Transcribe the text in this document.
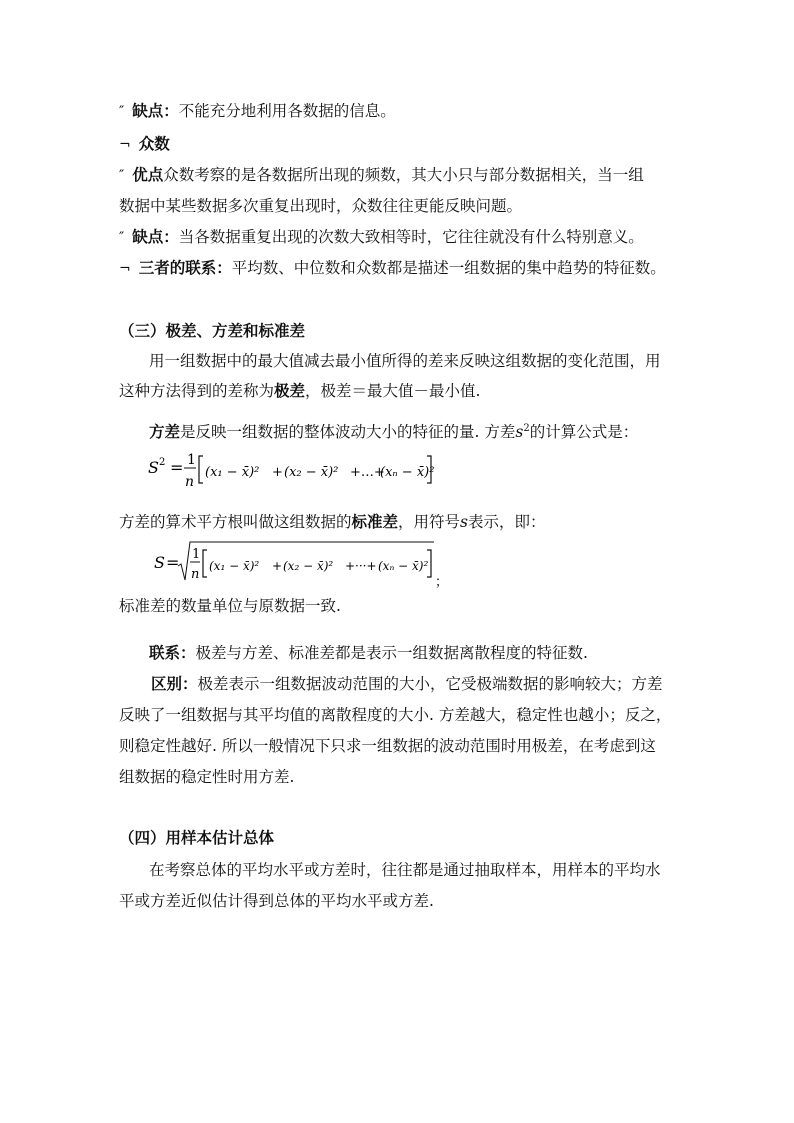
″ 缺点：不能充分地利用各数据的信息。
¬ 众数
″ 优点众数考察的是各数据所出现的频数，其大小只与部分数据相关，当一组
数据中某些数据多次重复出现时，众数往往更能反映问题。
″ 缺点：当各数据重复出现的次数大致相等时，它往往就没有什么特别意义。
¬ 三者的联系：平均数、中位数和众数都是描述一组数据的集中趋势的特征数。
（三）极差、方差和标准差
用一组数据中的最大值减去最小值所得的差来反映这组数据的变化范围，用
这种方法得到的差称为极差，极差＝最大值－最小值.
方差是反映一组数据的整体波动大小的特征的量. 方差$s^2$的计算公式是：
S 2 = 1
n
(x₁ − x̄)² + (x₂ − x̄)² +…+
(xₙ − x̄)²
方差的算术平方根叫做这组数据的标准差，用符号s表示，即：
S = 1
n
(x₁ − x̄)² + (x₂ − x̄)² +···+ (xₙ − x̄)²
；
标准差的数量单位与原数据一致.
联系：极差与方差、标准差都是表示一组数据离散程度的特征数.
区别：极差表示一组数据波动范围的大小，它受极端数据的影响较大；方差
反映了一组数据与其平均值的离散程度的大小. 方差越大，稳定性也越小；反之，
则稳定性越好. 所以一般情况下只求一组数据的波动范围时用极差，在考虑到这
组数据的稳定性时用方差.
（四）用样本估计总体
在考察总体的平均水平或方差时，往往都是通过抽取样本，用样本的平均水
平或方差近似估计得到总体的平均水平或方差.
